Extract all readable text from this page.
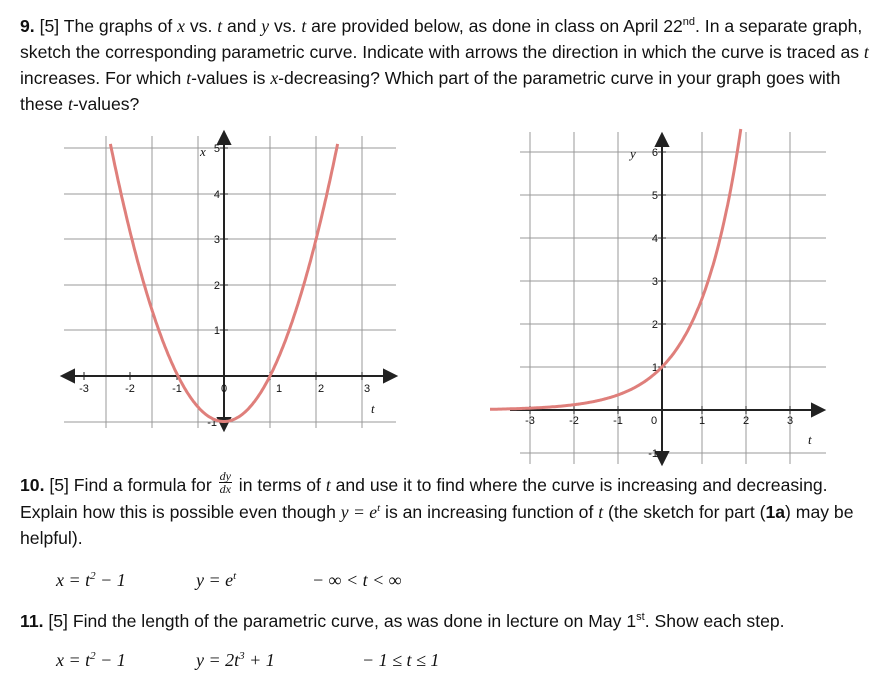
9. [5] The graphs of x vs. t and y vs. t are provided below, as done in class on April 22nd. In a separate graph, sketch the corresponding parametric curve. Indicate with arrows the direction in which the curve is traced as t increases. For which t-values is x-decreasing? Which part of the parametric curve in your graph goes with these t-values?
-3	-2	-1	0	1	2	3
-1
1
2
3
4
5
x
t
-3	-2	-1	0	1	2	3
-1
1
2
3
4
5
6
y
t
10. [5] Find a formula for $\frac{dy}{dx}$ in terms of t and use it to find where the curve is increasing and decreasing. Explain how this is possible even though $y = e^t$ is an increasing function of t (the sketch for part (1a) may be helpful).
$x = t^2 - 1$	$y = e^t$	− ∞ < t < ∞
11. [5] Find the length of the parametric curve, as was done in lecture on May 1st. Show each step.
$x = t^2 - 1$	$y = 2t^3 + 1$	− 1 ≤ t ≤ 1
